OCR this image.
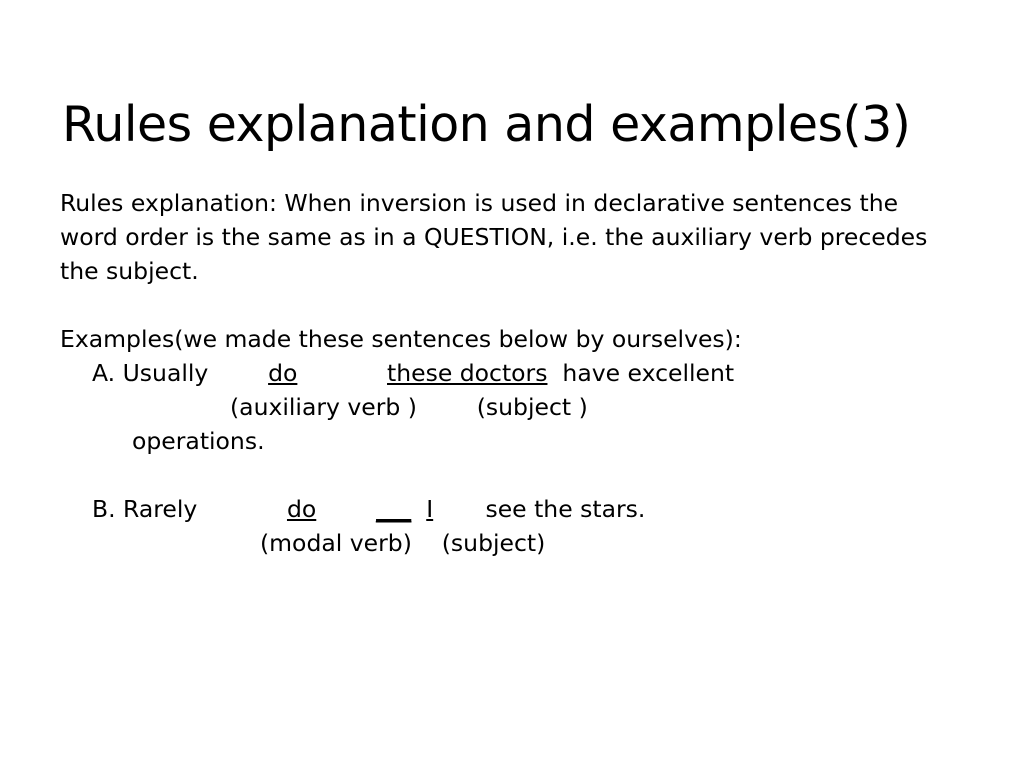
Rules explanation and examples(3)

Rules explanation: When inversion is used in declarative sentences the word order is the same as in a QUESTION, i.e. the auxiliary verb precedes the subject.

Examples(we made these sentences below by ourselves):

A. Usually	do	these doctors have excellent

(auxiliary verb )	(subject )

operations.

B. Rarely	do	___ I see the stars.

(modal verb) (subject)
